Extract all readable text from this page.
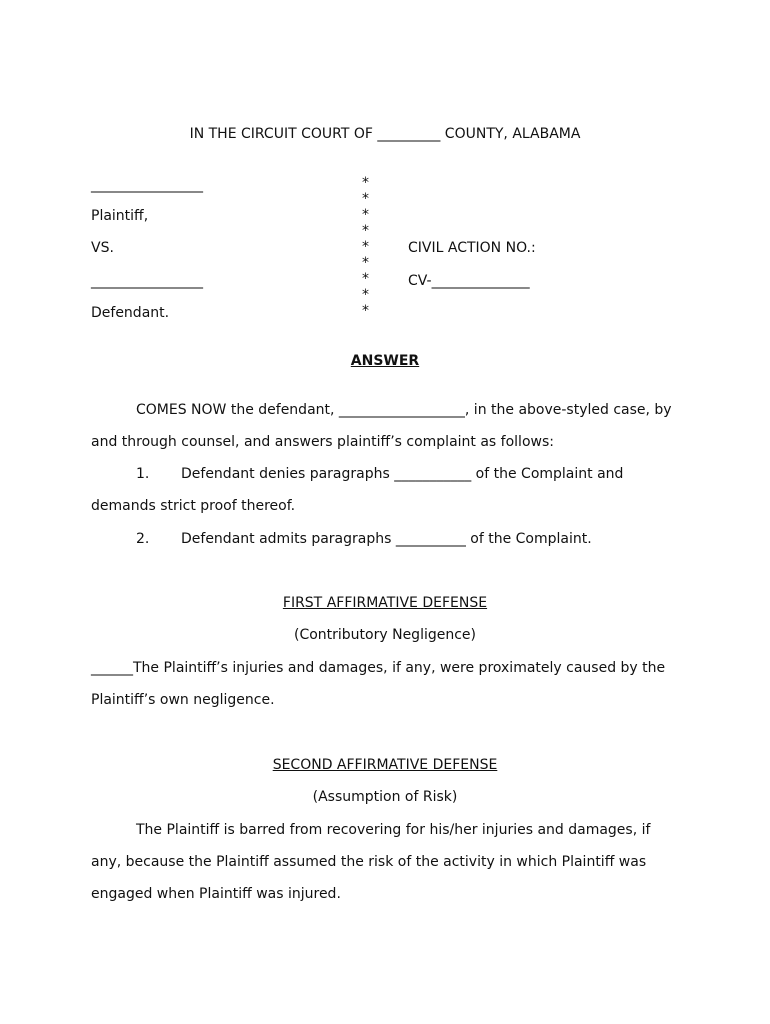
IN THE CIRCUIT COURT OF _________ COUNTY, ALABAMA
________________
Plaintiff,
VS.
________________
Defendant.
*
*
*
*
*
*
*
*
*
CIVIL ACTION NO.:
CV-______________
ANSWER
COMES NOW the defendant, __________________, in the above-styled case, by
and through counsel, and answers plaintiff’s complaint as follows:
1. Defendant denies paragraphs ___________ of the Complaint and
demands strict proof thereof.
2. Defendant admits paragraphs __________ of the Complaint.
FIRST AFFIRMATIVE DEFENSE
(Contributory Negligence)
______The Plaintiff’s injuries and damages, if any, were proximately caused by the
Plaintiff’s own negligence.
SECOND AFFIRMATIVE DEFENSE
(Assumption of Risk)
The Plaintiff is barred from recovering for his/her injuries and damages, if
any, because the Plaintiff assumed the risk of the activity in which Plaintiff was
engaged when Plaintiff was injured.
